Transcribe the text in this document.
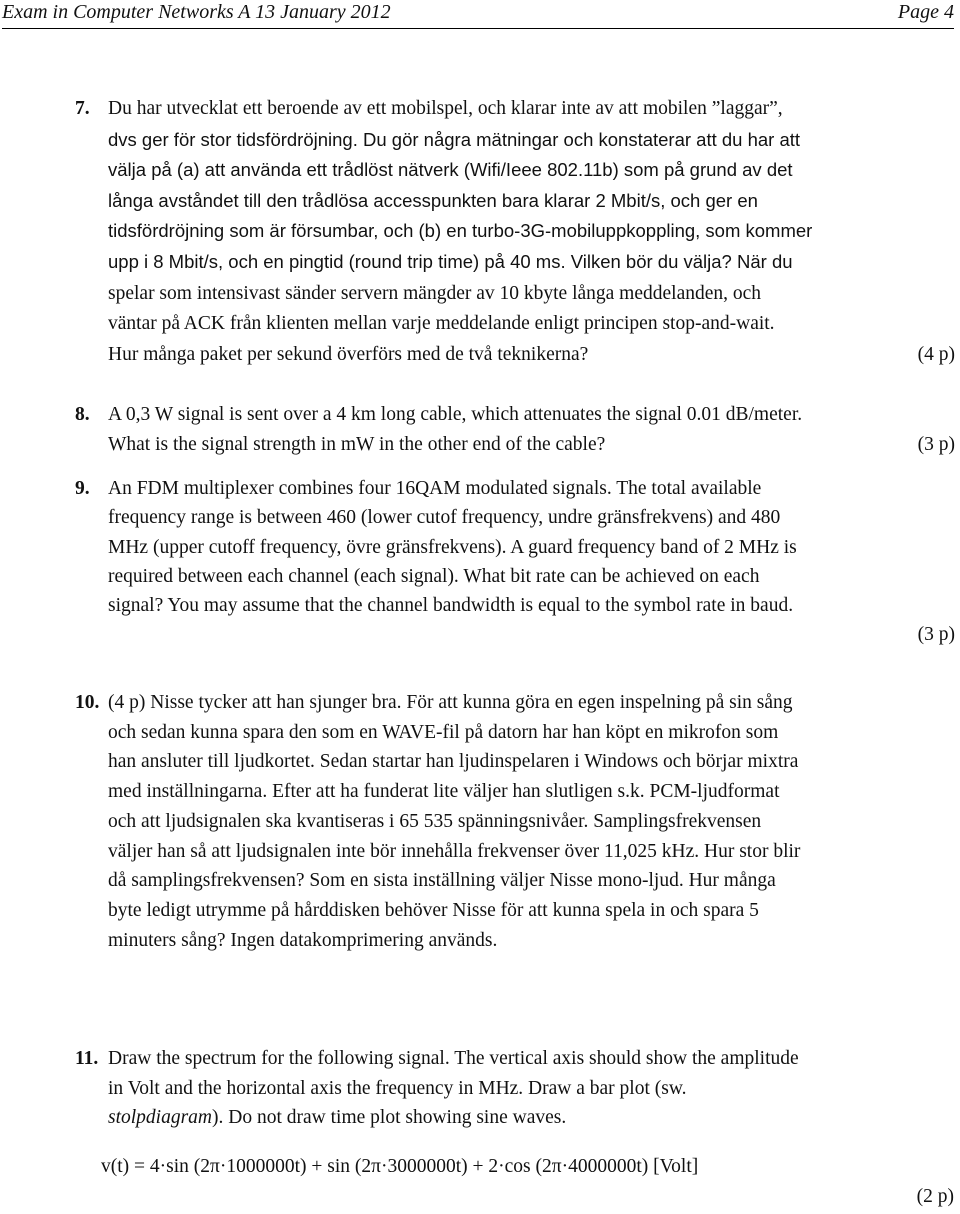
Exam in Computer Networks A 13 January 2012	Page 4
7. Du har utvecklat ett beroende av ett mobilspel, och klarar inte av att mobilen ”laggar”,
dvs ger för stor tidsfördröjning. Du gör några mätningar och konstaterar att du har att
välja på (a) att använda ett trådlöst nätverk (Wifi/Ieee 802.11b) som på grund av det
långa avståndet till den trådlösa accesspunkten bara klarar 2 Mbit/s, och ger en
tidsfördröjning som är försumbar, och (b) en turbo-3G-mobiluppkoppling, som kommer
upp i 8 Mbit/s, och en pingtid (round trip time) på 40 ms. Vilken bör du välja? När du
spelar som intensivast sänder servern mängder av 10 kbyte långa meddelanden, och
väntar på ACK från klienten mellan varje meddelande enligt principen stop-and-wait.
Hur många paket per sekund överförs med de två teknikerna?	(4 p)
8. A 0,3 W signal is sent over a 4 km long cable, which attenuates the signal 0.01 dB/meter.
What is the signal strength in mW in the other end of the cable?	(3 p)
9. An FDM multiplexer combines four 16QAM modulated signals. The total available
frequency range is between 460 (lower cutof frequency, undre gränsfrekvens) and 480
MHz (upper cutoff frequency, övre gränsfrekvens). A guard frequency band of 2 MHz is
required between each channel (each signal). What bit rate can be achieved on each
signal? You may assume that the channel bandwidth is equal to the symbol rate in baud.
(3 p)
10. (4 p) Nisse tycker att han sjunger bra. För att kunna göra en egen inspelning på sin sång
och sedan kunna spara den som en WAVE-fil på datorn har han köpt en mikrofon som
han ansluter till ljudkortet. Sedan startar han ljudinspelaren i Windows och börjar mixtra
med inställningarna. Efter att ha funderat lite väljer han slutligen s.k. PCM-ljudformat
och att ljudsignalen ska kvantiseras i 65 535 spänningsnivåer. Samplingsfrekvensen
väljer han så att ljudsignalen inte bör innehålla frekvenser över 11,025 kHz. Hur stor blir
då samplingsfrekvensen? Som en sista inställning väljer Nisse mono-ljud. Hur många
byte ledigt utrymme på hårddisken behöver Nisse för att kunna spela in och spara 5
minuters sång? Ingen datakomprimering används.
11. Draw the spectrum for the following signal. The vertical axis should show the amplitude
in Volt and the horizontal axis the frequency in MHz. Draw a bar plot (sw.
stolpdiagram). Do not draw time plot showing sine waves.
v(t) = 4·sin (2π·1000000t) + sin (2π·3000000t) + 2·cos (2π·4000000t) [Volt]
(2 p)
